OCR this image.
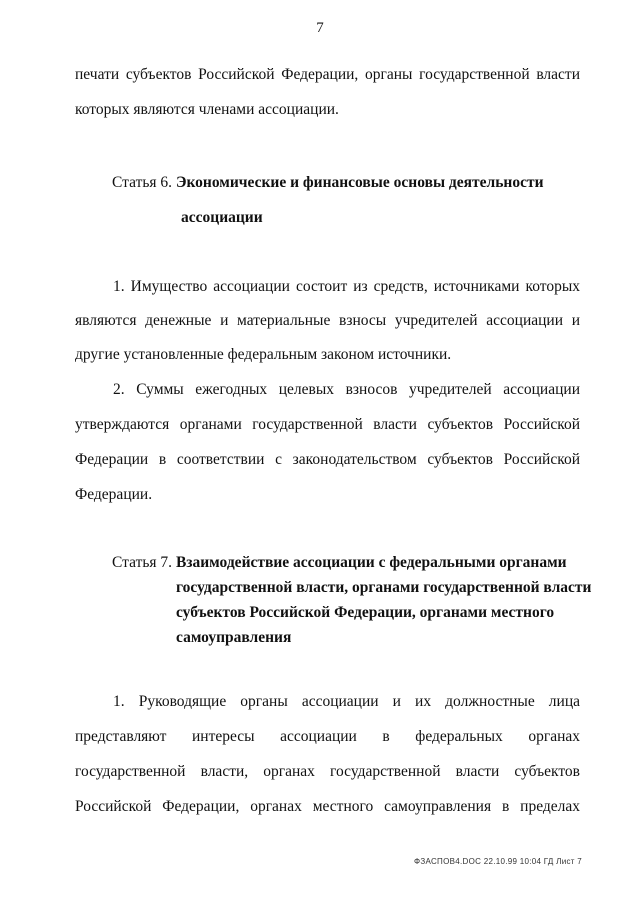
7
печати субъектов Российской Федерации, органы государственной власти
которых являются членами ассоциации.
Статья 6. Экономические и финансовые основы деятельности
ассоциации
1. Имущество ассоциации состоит из средств, источниками которых
являются денежные и материальные взносы учредителей ассоциации и
другие установленные федеральным законом источники.
2. Суммы ежегодных целевых взносов учредителей ассоциации
утверждаются органами государственной власти субъектов Российской
Федерации в соответствии с законодательством субъектов Российской
Федерации.
Статья 7. Взаимодействие ассоциации с федеральными органами
государственной власти, органами государственной власти
субъектов Российской Федерации, органами местного
самоуправления
1. Руководящие органы ассоциации и их должностные лица
представляют интересы ассоциации в федеральных органах
государственной власти, органах государственной власти субъектов
Российской Федерации, органах местного самоуправления в пределах
ФЗАСПОВ4.DOC 22.10.99 10:04 ГД Лист 7
